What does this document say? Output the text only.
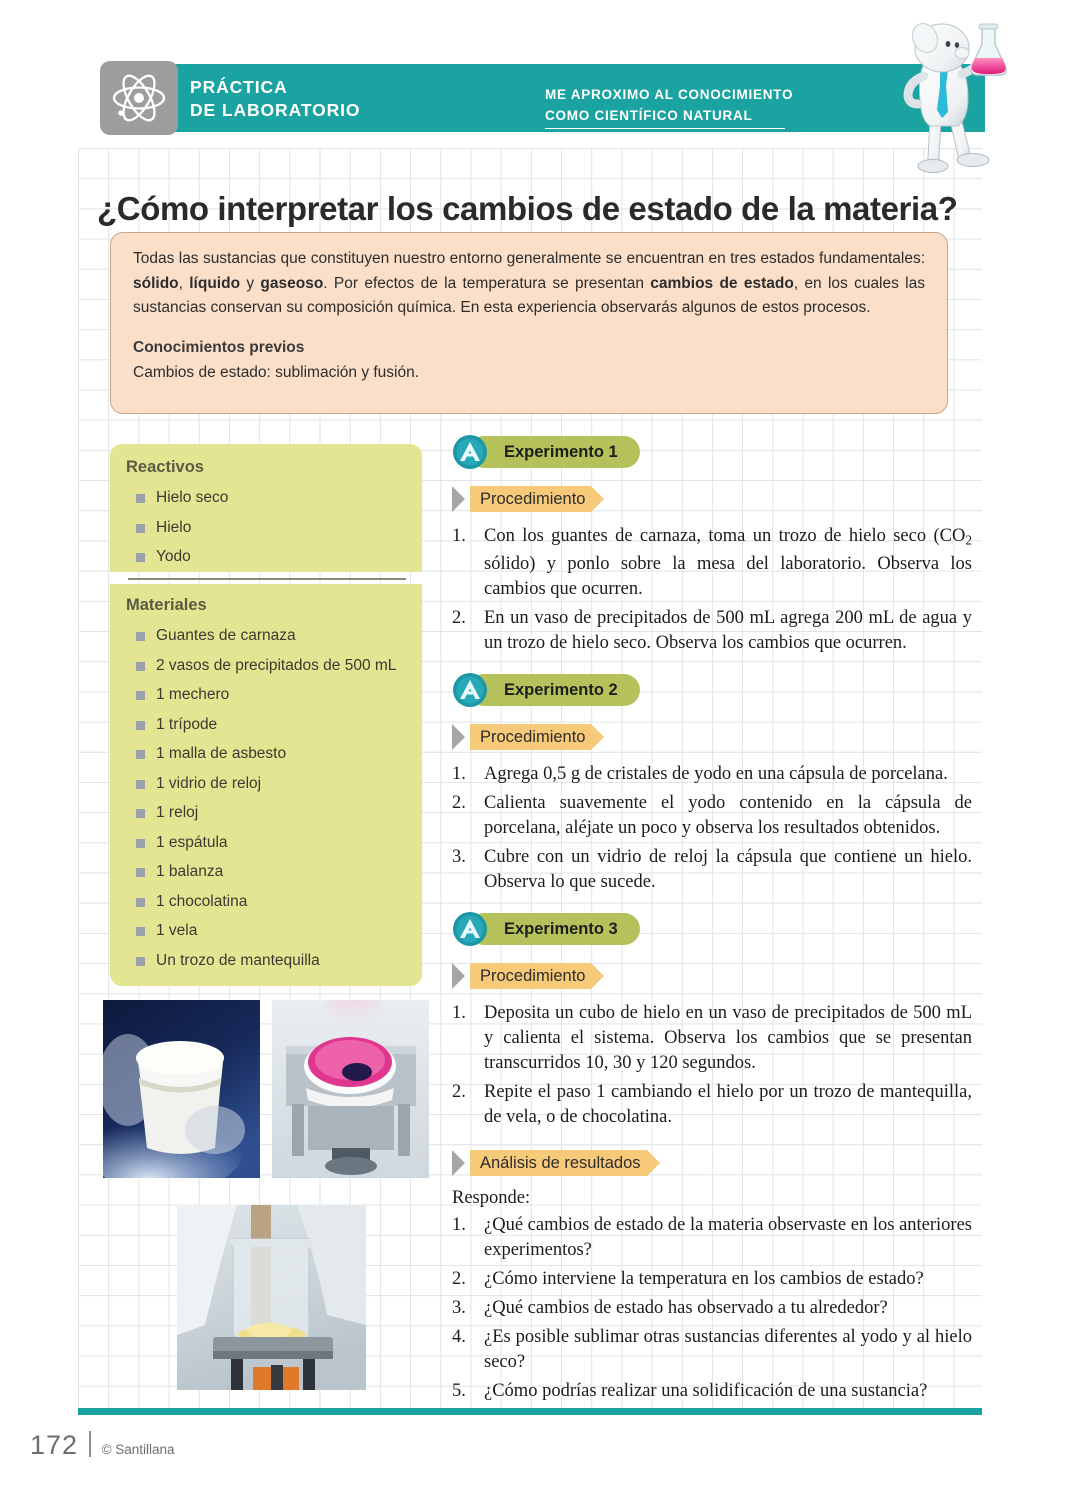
PRÁCTICA
DE LABORATORIO
ME APROXIMO AL CONOCIMIENTO
COMO CIENTÍFICO NATURAL
¿Cómo interpretar los cambios de estado de la materia?

Todas las sustancias que constituyen nuestro entorno generalmente se encuentran en tres estados fundamentales: sólido, líquido y gaseoso. Por efectos de la temperatura se presentan cambios de estado, en los cuales las sustancias conservan su composición química. En esta experiencia observarás algunos de estos procesos.

Conocimientos previos

Cambios de estado: sublimación y fusión.

Reactivos
Hielo seco
Hielo
Yodo
Materiales
Guantes de carnaza
2 vasos de precipitados de 500 mL
1 mechero
1 trípode
1 malla de asbesto
1 vidrio de reloj
1 reloj
1 espátula
1 balanza
1 chocolatina
1 vela
Un trozo de mantequilla
Experimento 1
Procedimiento
Con los guantes de carnaza, toma un trozo de hielo seco ($CO_2$ sólido) y ponlo sobre la mesa del laboratorio. Observa los cambios que ocurren.
En un vaso de precipitados de 500 mL agrega 200 mL de agua y un trozo de hielo seco. Observa los cambios que ocurren.
Experimento 2
Procedimiento
Agrega 0,5 g de cristales de yodo en una cápsula de porcelana.
Calienta suavemente el yodo contenido en la cápsula de porcelana, aléjate un poco y observa los resultados obtenidos.
Cubre con un vidrio de reloj la cápsula que contiene un hielo. Observa lo que sucede.
Experimento 3
Procedimiento
Deposita un cubo de hielo en un vaso de precipitados de 500 mL y calienta el sistema. Observa los cambios que se presentan transcurridos 10, 30 y 120 segundos.
Repite el paso 1 cambiando el hielo por un trozo de mantequilla, de vela, o de chocolatina.
Análisis de resultados

Responde:

¿Qué cambios de estado de la materia observaste en los anteriores experimentos?
¿Cómo interviene la temperatura en los cambios de estado?
¿Qué cambios de estado has observado a tu alrededor?
¿Es posible sublimar otras sustancias diferentes al yodo y al hielo seco?
¿Cómo podrías realizar una solidificación de una sustancia?
172 © Santillana
